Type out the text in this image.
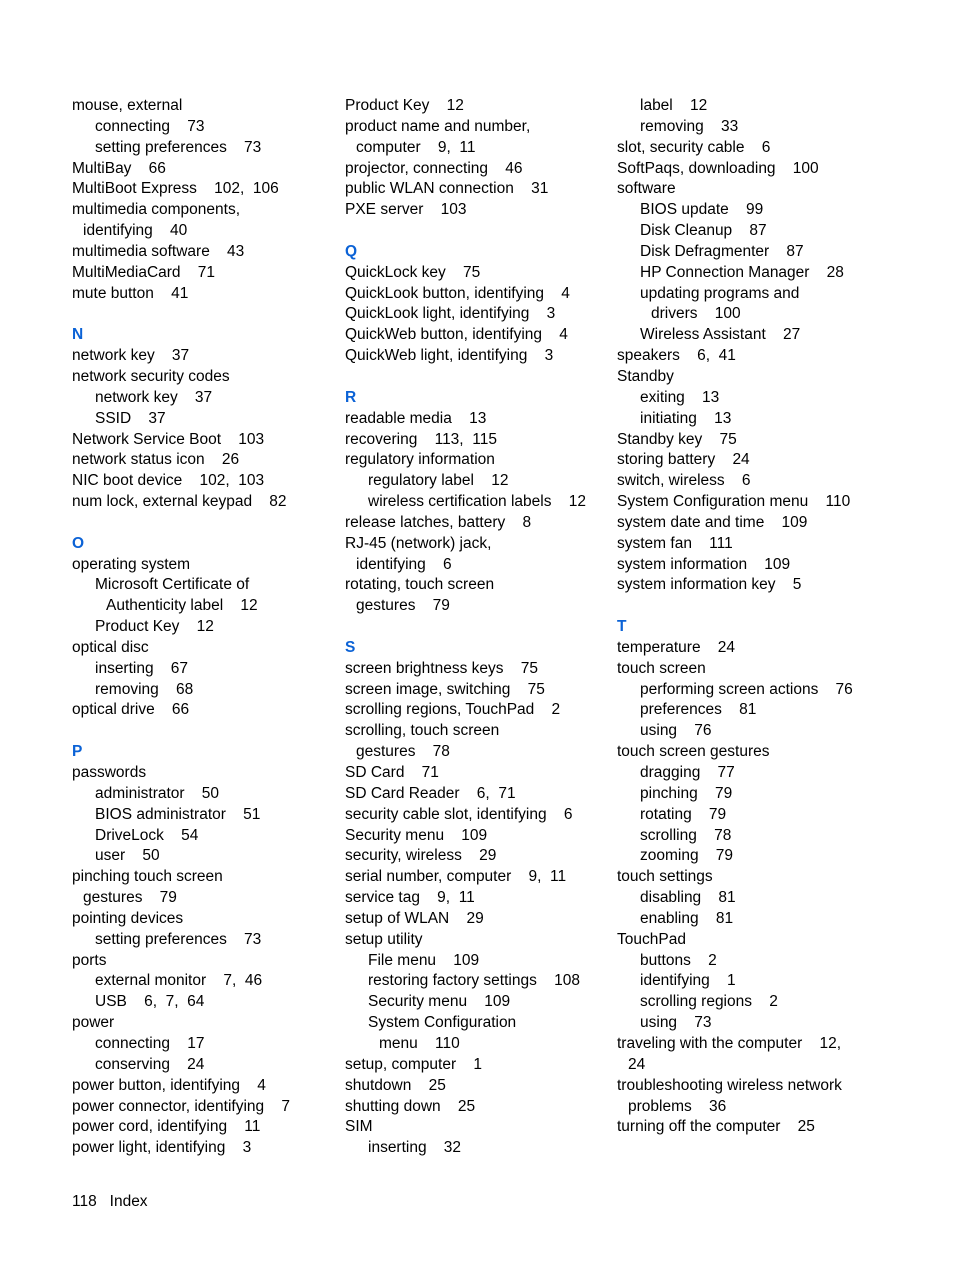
mouse, external
connecting    73
setting preferences    73
MultiBay    66
MultiBoot Express    102,  106
multimedia components,
identifying    40
multimedia software    43
MultiMediaCard    71
mute button    41
N
network key    37
network security codes
network key    37
SSID    37
Network Service Boot    103
network status icon    26
NIC boot device    102,  103
num lock, external keypad    82
O
operating system
Microsoft Certificate of
Authenticity label    12
Product Key    12
optical disc
inserting    67
removing    68
optical drive    66
P
passwords
administrator    50
BIOS administrator    51
DriveLock    54
user    50
pinching touch screen
gestures    79
pointing devices
setting preferences    73
ports
external monitor    7,  46
USB    6,  7,  64
power
connecting    17
conserving    24
power button, identifying    4
power connector, identifying    7
power cord, identifying    11
power light, identifying    3
Product Key    12
product name and number,
computer    9,  11
projector, connecting    46
public WLAN connection    31
PXE server    103
Q
QuickLock key    75
QuickLook button, identifying    4
QuickLook light, identifying    3
QuickWeb button, identifying    4
QuickWeb light, identifying    3
R
readable media    13
recovering    113,  115
regulatory information
regulatory label    12
wireless certification labels    12
release latches, battery    8
RJ-45 (network) jack,
identifying    6
rotating, touch screen
gestures    79
S
screen brightness keys    75
screen image, switching    75
scrolling regions, TouchPad    2
scrolling, touch screen
gestures    78
SD Card    71
SD Card Reader    6,  71
security cable slot, identifying    6
Security menu    109
security, wireless    29
serial number, computer    9,  11
service tag    9,  11
setup of WLAN    29
setup utility
File menu    109
restoring factory settings    108
Security menu    109
System Configuration
menu    110
setup, computer    1
shutdown    25
shutting down    25
SIM
inserting    32
label    12
removing    33
slot, security cable    6
SoftPaqs, downloading    100
software
BIOS update    99
Disk Cleanup    87
Disk Defragmenter    87
HP Connection Manager    28
updating programs and
drivers    100
Wireless Assistant    27
speakers    6,  41
Standby
exiting    13
initiating    13
Standby key    75
storing battery    24
switch, wireless    6
System Configuration menu    110
system date and time    109
system fan    111
system information    109
system information key    5
T
temperature    24
touch screen
performing screen actions    76
preferences    81
using    76
touch screen gestures
dragging    77
pinching    79
rotating    79
scrolling    78
zooming    79
touch settings
disabling    81
enabling    81
TouchPad
buttons    2
identifying    1
scrolling regions    2
using    73
traveling with the computer    12,
24
troubleshooting wireless network
problems    36
turning off the computer    25
118 Index
